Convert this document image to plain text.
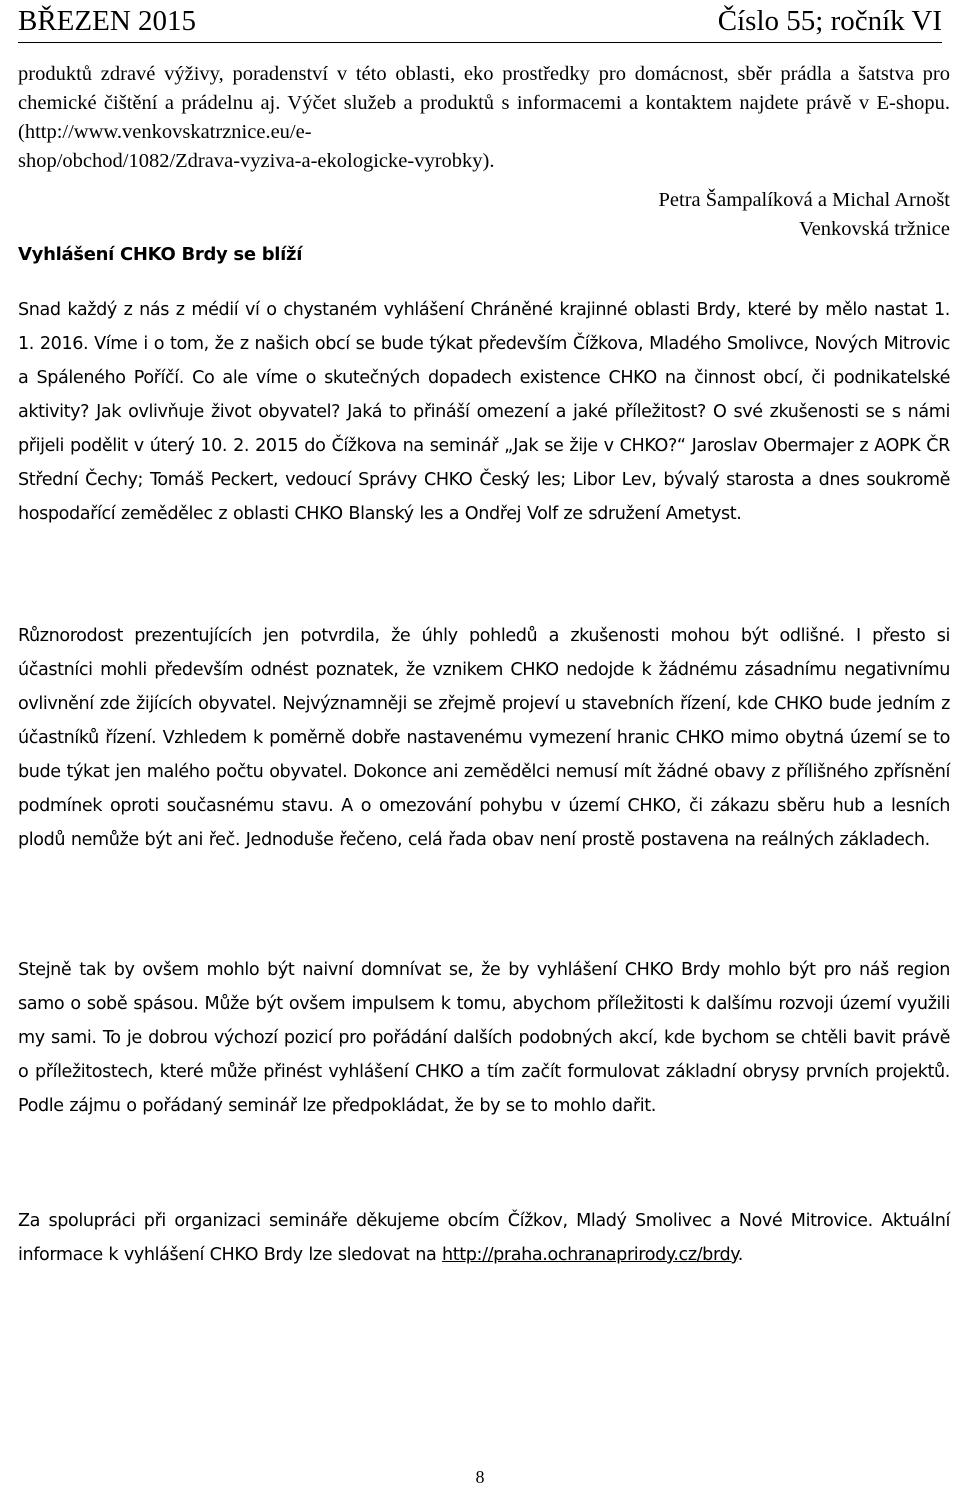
BŘEZEN 2015	Číslo 55; ročník VI
produktů zdravé výživy, poradenství v této oblasti, eko prostředky pro domácnost, sběr prádla a šatstva pro chemické čištění a prádelnu aj. Výčet služeb a produktů s informacemi a kontaktem najdete právě v E-shopu. (http://www.venkovskatrznice.eu/e-
shop/obchod/1082/Zdrava-vyziva-a-ekologicke-vyrobky).
Petra Šampalíková a Michal Arnošt
Venkovská tržnice
Vyhlášení CHKO Brdy se blíží

Snad každý z nás z médií ví o chystaném vyhlášení Chráněné krajinné oblasti Brdy, které by mělo nastat 1. 1. 2016. Víme i o tom, že z našich obcí se bude týkat především Čížkova, Mladého Smolivce, Nových Mitrovic a Spáleného Poříčí. Co ale víme o skutečných dopadech existence CHKO na činnost obcí, či podnikatelské aktivity? Jak ovlivňuje život obyvatel? Jaká to přináší omezení a jaké příležitost? O své zkušenosti se s námi přijeli podělit v úterý 10. 2. 2015 do Čížkova na seminář „Jak se žije v CHKO?“ Jaroslav Obermajer z AOPK ČR Střední Čechy; Tomáš Peckert, vedoucí Správy CHKO Český les; Libor Lev, bývalý starosta a dnes soukromě hospodařící zemědělec z oblasti CHKO Blanský les a Ondřej Volf ze sdružení Ametyst.

Různorodost prezentujících jen potvrdila, že úhly pohledů a zkušenosti mohou být odlišné. I přesto si účastníci mohli především odnést poznatek, že vznikem CHKO nedojde k žádnému zásadnímu negativnímu ovlivnění zde žijících obyvatel. Nejvýznamněji se zřejmě projeví u stavebních řízení, kde CHKO bude jedním z účastníků řízení. Vzhledem k poměrně dobře nastavenému vymezení hranic CHKO mimo obytná území se to bude týkat jen malého počtu obyvatel. Dokonce ani zemědělci nemusí mít žádné obavy z přílišného zpřísnění podmínek oproti současnému stavu. A o omezování pohybu v území CHKO, či zákazu sběru hub a lesních plodů nemůže být ani řeč. Jednoduše řečeno, celá řada obav není prostě postavena na reálných základech.

Stejně tak by ovšem mohlo být naivní domnívat se, že by vyhlášení CHKO Brdy mohlo být pro náš region samo o sobě spásou. Může být ovšem impulsem k tomu, abychom příležitosti k dalšímu rozvoji území využili my sami. To je dobrou výchozí pozicí pro pořádání dalších podobných akcí, kde bychom se chtěli bavit právě o příležitostech, které může přinést vyhlášení CHKO a tím začít formulovat základní obrysy prvních projektů. Podle zájmu o pořádaný seminář lze předpokládat, že by se to mohlo dařit.

Za spolupráci při organizaci semináře děkujeme obcím Čížkov, Mladý Smolivec a Nové Mitrovice. Aktuální informace k vyhlášení CHKO Brdy lze sledovat na http://praha.ochranaprirody.cz/brdy.

8
